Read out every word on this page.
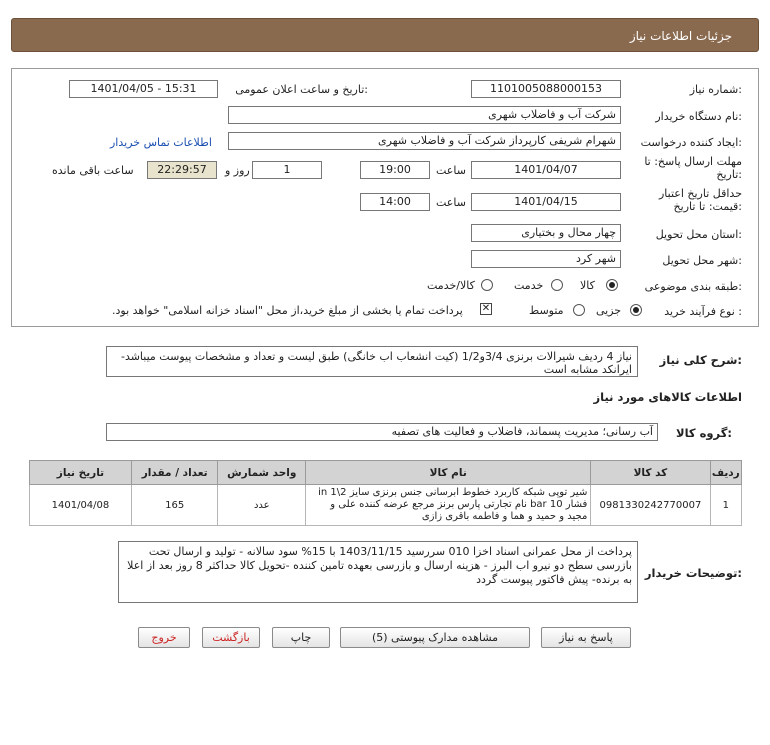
جزئیات اطلاعات نیاز
شماره نیاز:
1101005088000153
تاریخ و ساعت اعلان عمومی:
1401/04/05 - 15:31
نام دستگاه خریدار:
شرکت آب و فاضلاب شهری
ایجاد کننده درخواست:
شهرام شریفی کارپرداز شرکت آب و فاضلاب شهری
اطلاعات تماس خریدار
مهلت ارسال پاسخ: تا تاریخ:
1401/04/07
ساعت
19:00
1
روز و
22:29:57
ساعت باقی مانده
حداقل تاریخ اعتبار قیمت: تا تاریخ:
1401/04/15
ساعت
14:00
استان محل تحویل:
چهار محال و بختیاری
شهر محل تحویل:
شهر کرد
طبقه بندی موضوعی:
کالا
خدمت
کالا/خدمت
نوع فرآیند خرید :
جزیی
متوسط
✕
پرداخت تمام یا بخشی از مبلغ خرید،از محل "اسناد خزانه اسلامی" خواهد بود.
شرح کلی نیاز:
نیاز 4 ردیف شیرالات برنزی 3/4و1/2 (کیت انشعاب اب خانگی) طبق لیست و تعداد و مشخصات پیوست میباشد- ایرانکد مشابه است
اطلاعات کالاهای مورد نیاز
گروه کالا:
آب رسانی؛ مدیریت پسماند، فاضلاب و فعالیت های تصفیه
ردیف	کد کالا	نام کالا	واحد شمارش	تعداد / مقدار	تاریخ نیاز
1	0981330242770007	شیر توپی شبکه کاربرد خطوط ابرسانی جنس برنزی سایز 2\1 in فشار bar 10 نام تجارتی پارس برنز مرجع عرضه کننده علی و مجید و حمید و هما و فاطمه باقری زازی	عدد	165	1401/04/08
توضیحات خریدار:
پرداخت از محل عمرانی اسناد اخزا 010 سررسید 1403/11/15 با 15% سود سالانه - تولید و ارسال تحت بازرسی سطح دو نیرو اب البرز - هزینه ارسال و بازرسی بعهده تامین کننده -تحویل کالا حداکثر 8 روز بعد از اعلا به برنده- پیش فاکتور پیوست گردد
پاسخ به نیاز
مشاهده مدارک پیوستی (5)
چاپ
بازگشت
خروج
